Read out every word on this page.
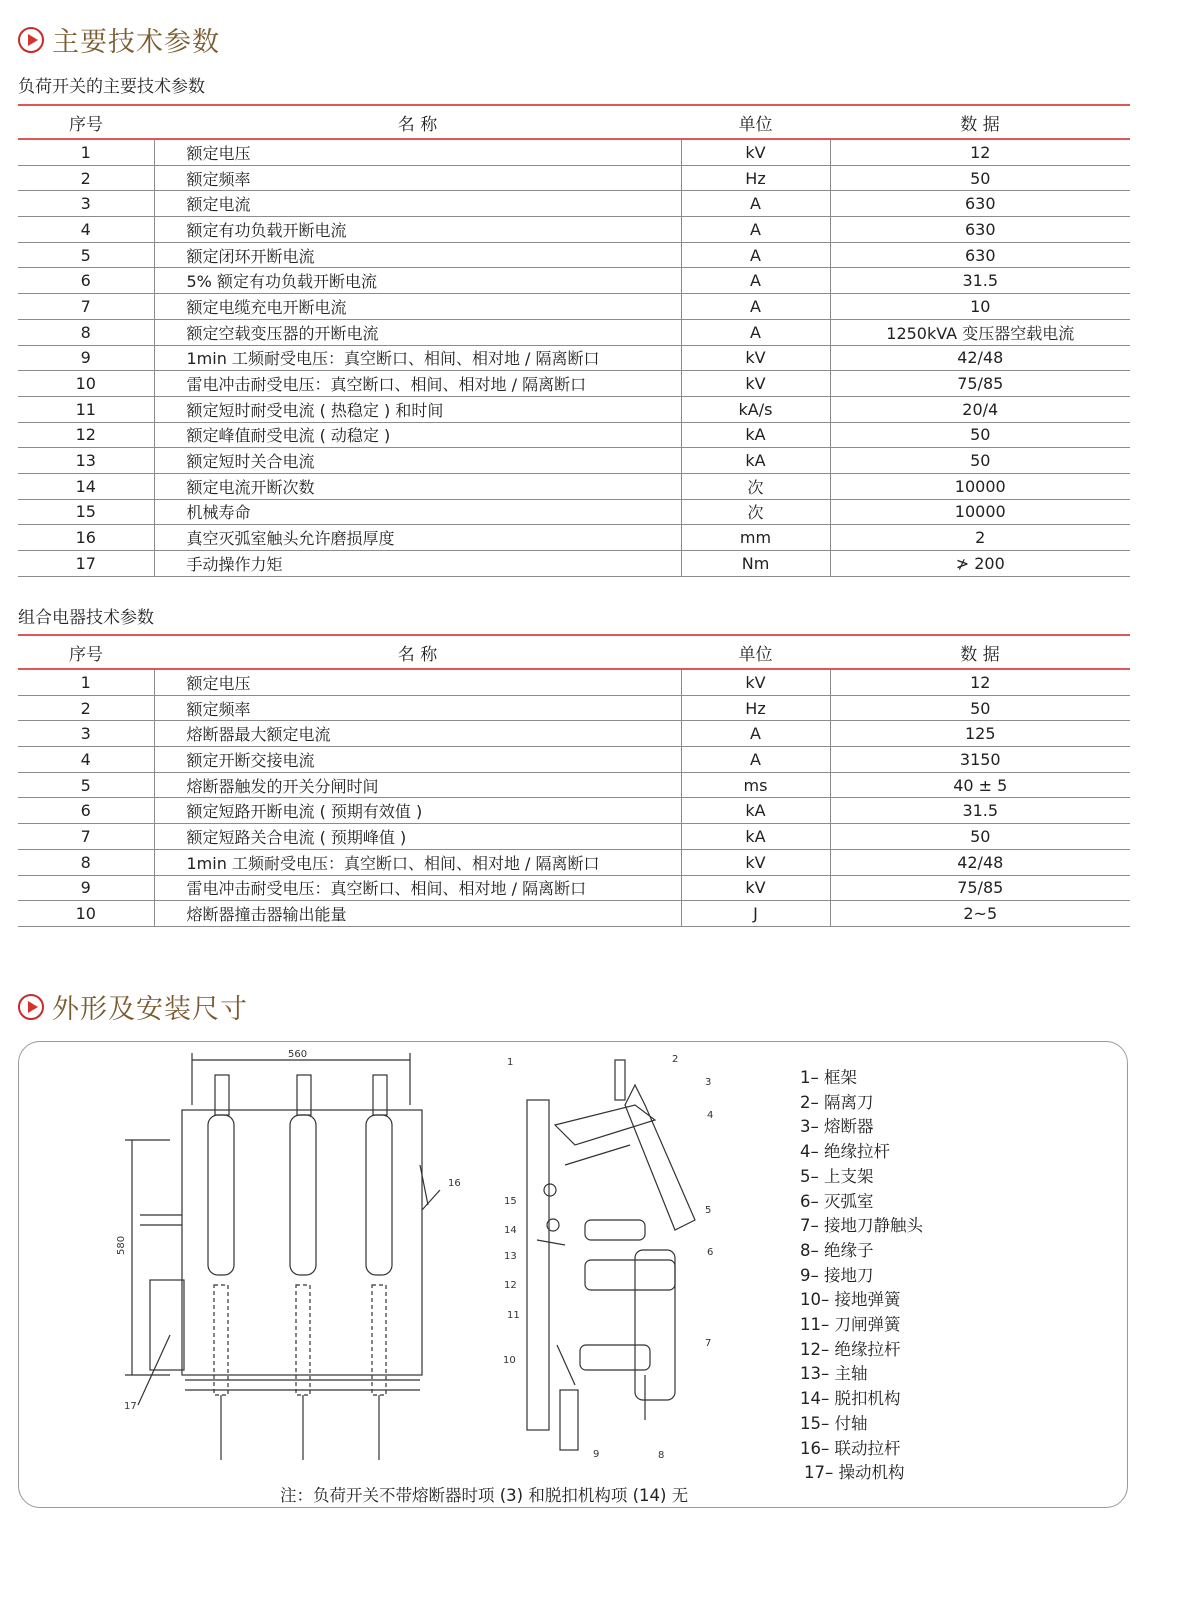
主要技术参数
负荷开关的主要技术参数
序号	名 称	单位	数 据
1	额定电压	kV	12
2	额定频率	Hz	50
3	额定电流	A	630
4	额定有功负载开断电流	A	630
5	额定闭环开断电流	A	630
6	5% 额定有功负载开断电流	A	31.5
7	额定电缆充电开断电流	A	10
8	额定空载变压器的开断电流	A	1250kVA 变压器空载电流
9	1min 工频耐受电压：真空断口、相间、相对地 / 隔离断口	kV	42/48
10	雷电冲击耐受电压：真空断口、相间、相对地 / 隔离断口	kV	75/85
11	额定短时耐受电流 ( 热稳定 ) 和时间	kA/s	20/4
12	额定峰值耐受电流 ( 动稳定 )	kA	50
13	额定短时关合电流	kA	50
14	额定电流开断次数	次	10000
15	机械寿命	次	10000
16	真空灭弧室触头允许磨损厚度	mm	2
17	手动操作力矩	Nm	≯ 200
组合电器技术参数
序号	名 称	单位	数 据
1	额定电压	kV	12
2	额定频率	Hz	50
3	熔断器最大额定电流	A	125
4	额定开断交接电流	A	3150
5	熔断器触发的开关分闸时间	ms	40 ± 5
6	额定短路开断电流 ( 预期有效值 )	kA	31.5
7	额定短路关合电流 ( 预期峰值 )	kA	50
8	1min 工频耐受电压：真空断口、相间、相对地 / 隔离断口	kV	42/48
9	雷电冲击耐受电压：真空断口、相间、相对地 / 隔离断口	kV	75/85
10	熔断器撞击器输出能量	J	2~5
外形及安装尺寸
560
580
16
17
1	2
3
4
5
6
7
8
9
10
11
12
13
14
15
1– 框架
2– 隔离刀
3– 熔断器
4– 绝缘拉杆
5– 上支架
6– 灭弧室
7– 接地刀静触头
8– 绝缘子
9– 接地刀
10– 接地弹簧
11– 刀闸弹簧
12– 绝缘拉杆
13– 主轴
14– 脱扣机构
15– 付轴
16– 联动拉杆
17– 操动机构
注：负荷开关不带熔断器时项 (3) 和脱扣机构项 (14) 无
